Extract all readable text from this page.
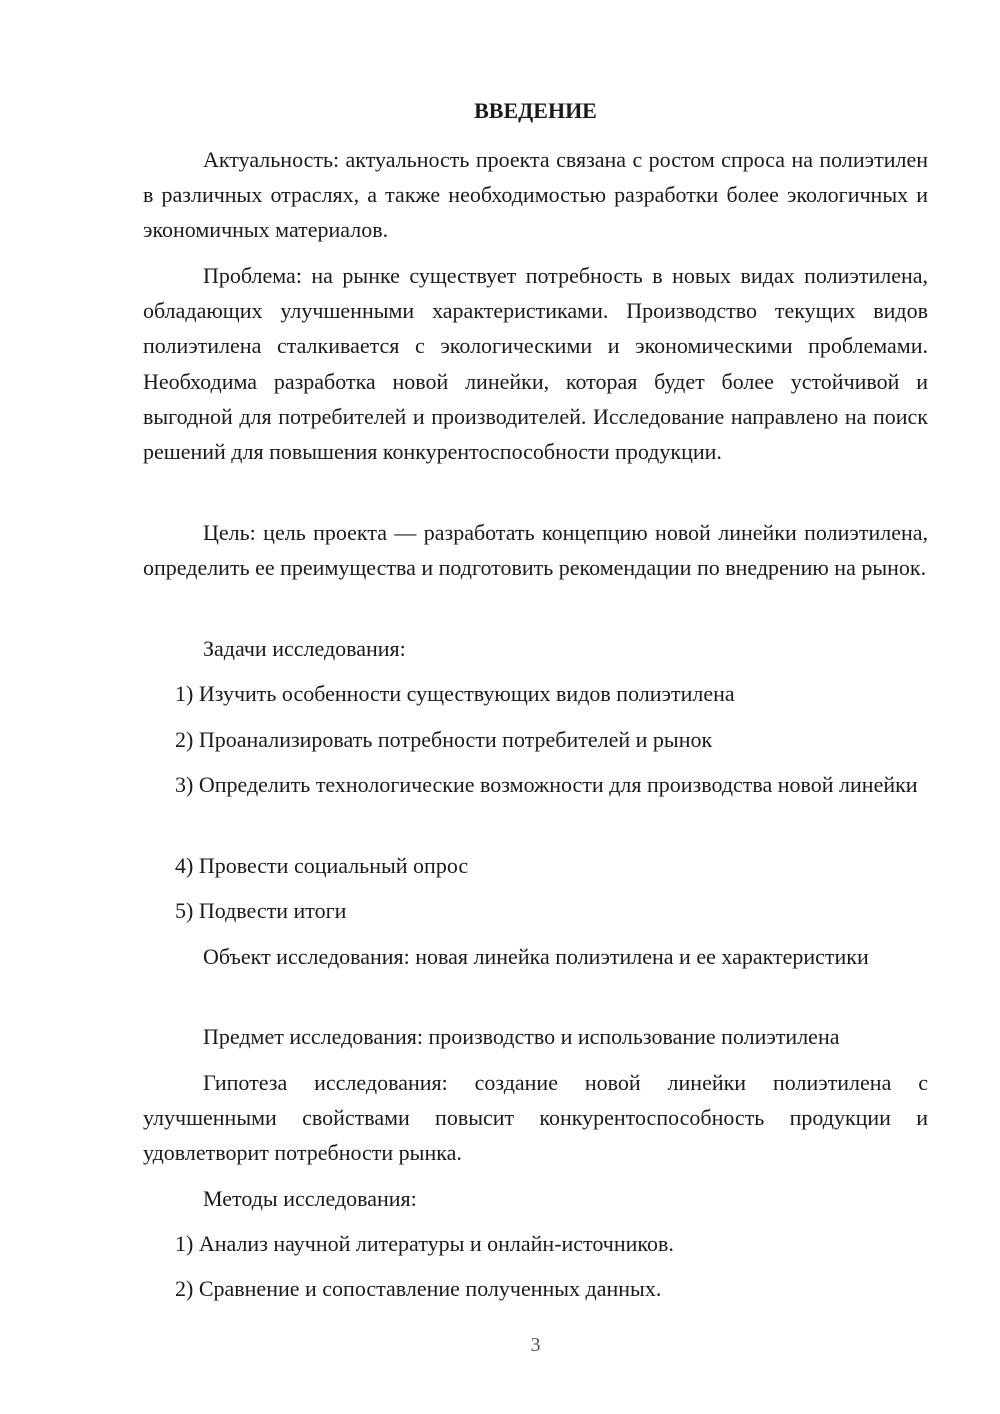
ВВЕДЕНИЕ

Актуальность: актуальность проекта связана с ростом спроса на полиэтилен в различных отраслях, а также необходимостью разработки более экологичных и экономичных материалов.

Проблема: на рынке существует потребность в новых видах полиэтилена, обладающих улучшенными характеристиками. Производство текущих видов полиэтилена сталкивается с экологическими и экономическими проблемами. Необходима разработка новой линейки, которая будет более устойчивой и выгодной для потребителей и производителей. Исследование направлено на поиск решений для повышения конкурентоспособности продукции.

Цель: цель проекта — разработать концепцию новой линейки полиэтилена, определить ее преимущества и подготовить рекомендации по внедрению на рынок.

Задачи исследования:

1) Изучить особенности существующих видов полиэтилена

2) Проанализировать потребности потребителей и рынок

3) Определить технологические возможности для производства новой линейки

4) Провести социальный опрос

5) Подвести итоги

Объект исследования: новая линейка полиэтилена и ее характеристики

Предмет исследования: производство и использование полиэтилена

Гипотеза исследования: создание новой линейки полиэтилена с улучшенными свойствами повысит конкурентоспособность продукции и удовлетворит потребности рынка.

Методы исследования:

1) Анализ научной литературы и онлайн-источников.

2) Сравнение и сопоставление полученных данных.

3
